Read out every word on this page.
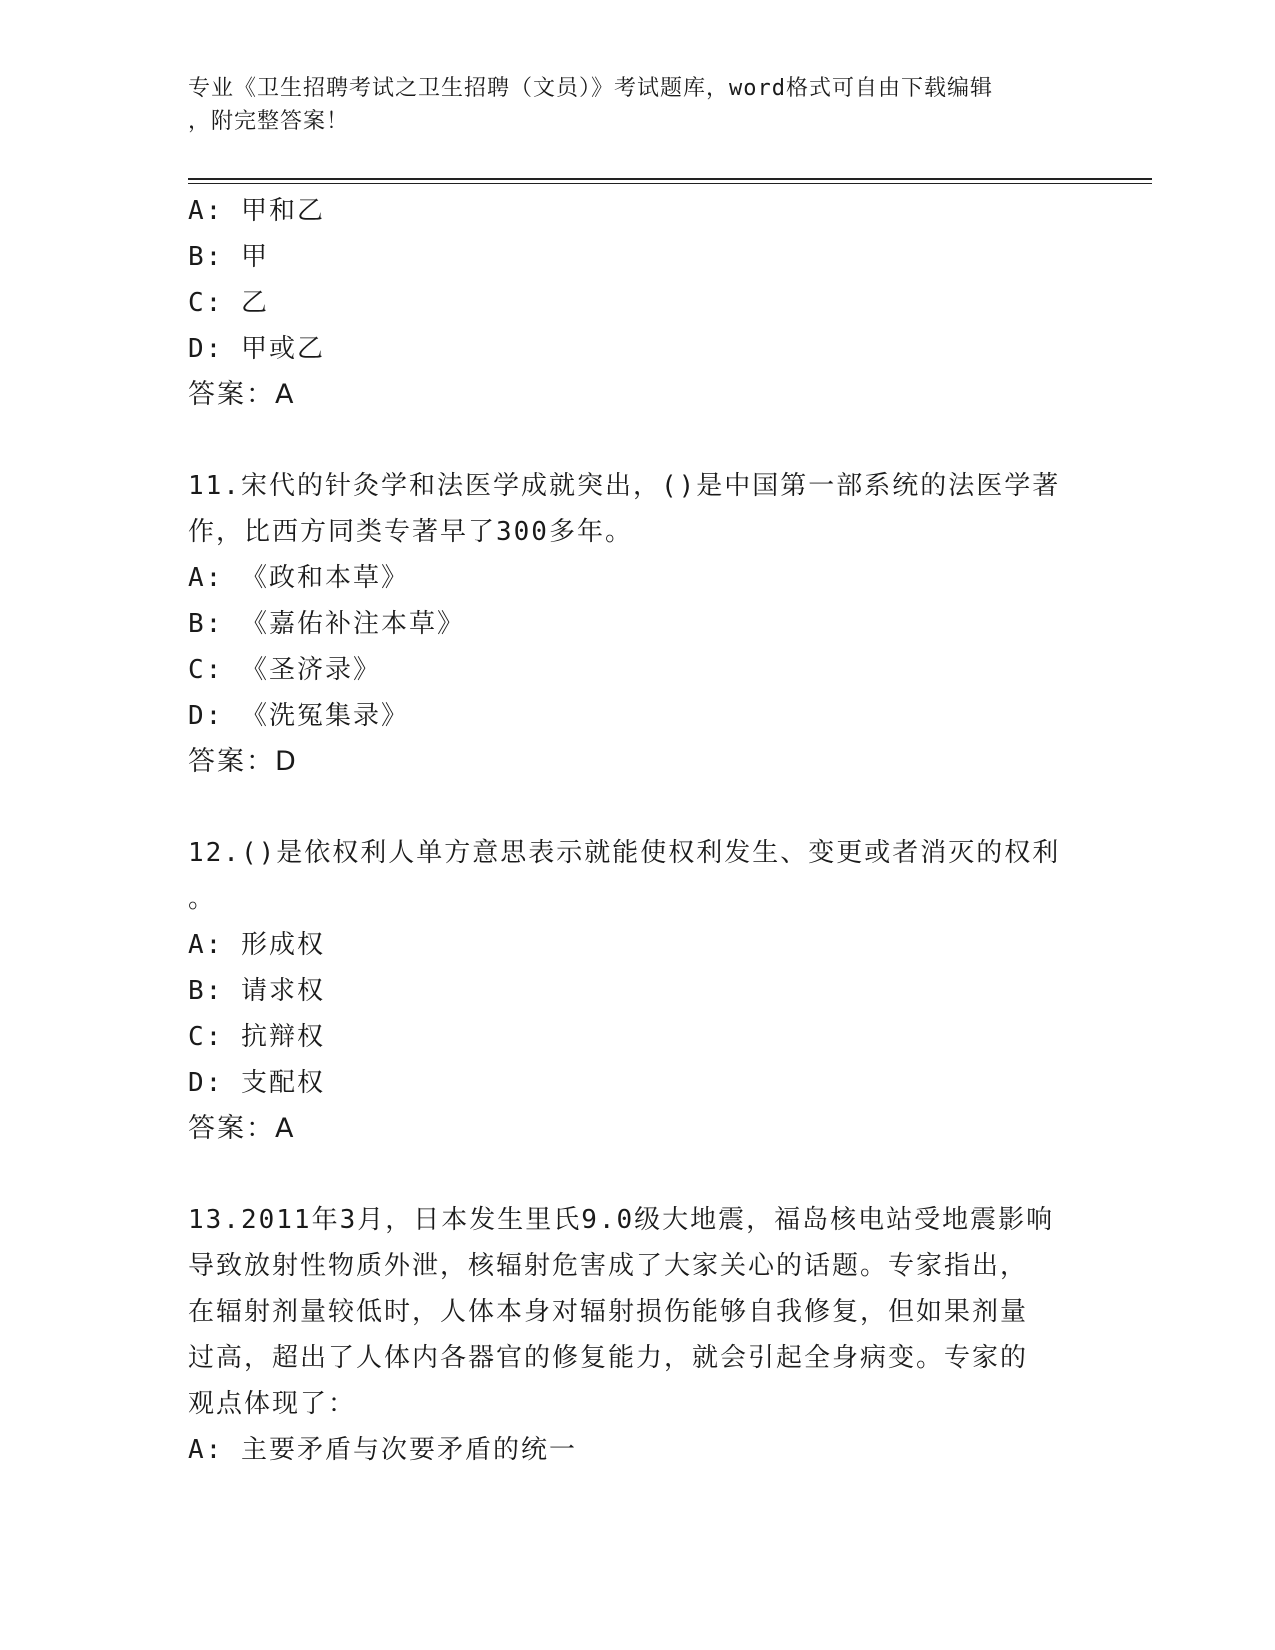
专业《卫生招聘考试之卫生招聘（文员）》考试题库，word格式可自由下载编辑
，附完整答案！
A: 甲和乙
B: 甲
C: 乙
D: 甲或乙
答案：A
11.宋代的针灸学和法医学成就突出，()是中国第一部系统的法医学著
作，比西方同类专著早了300多年。
A: 《政和本草》
B: 《嘉佑补注本草》
C: 《圣济录》
D: 《洗冤集录》
答案：D
12.()是依权利人单方意思表示就能使权利发生、变更或者消灭的权利
。
A: 形成权
B: 请求权
C: 抗辩权
D: 支配权
答案：A
13.2011年3月，日本发生里氏9.0级大地震，福岛核电站受地震影响
导致放射性物质外泄，核辐射危害成了大家关心的话题。专家指出，
在辐射剂量较低时，人体本身对辐射损伤能够自我修复，但如果剂量
过高，超出了人体内各器官的修复能力，就会引起全身病变。专家的
观点体现了：
A: 主要矛盾与次要矛盾的统一
